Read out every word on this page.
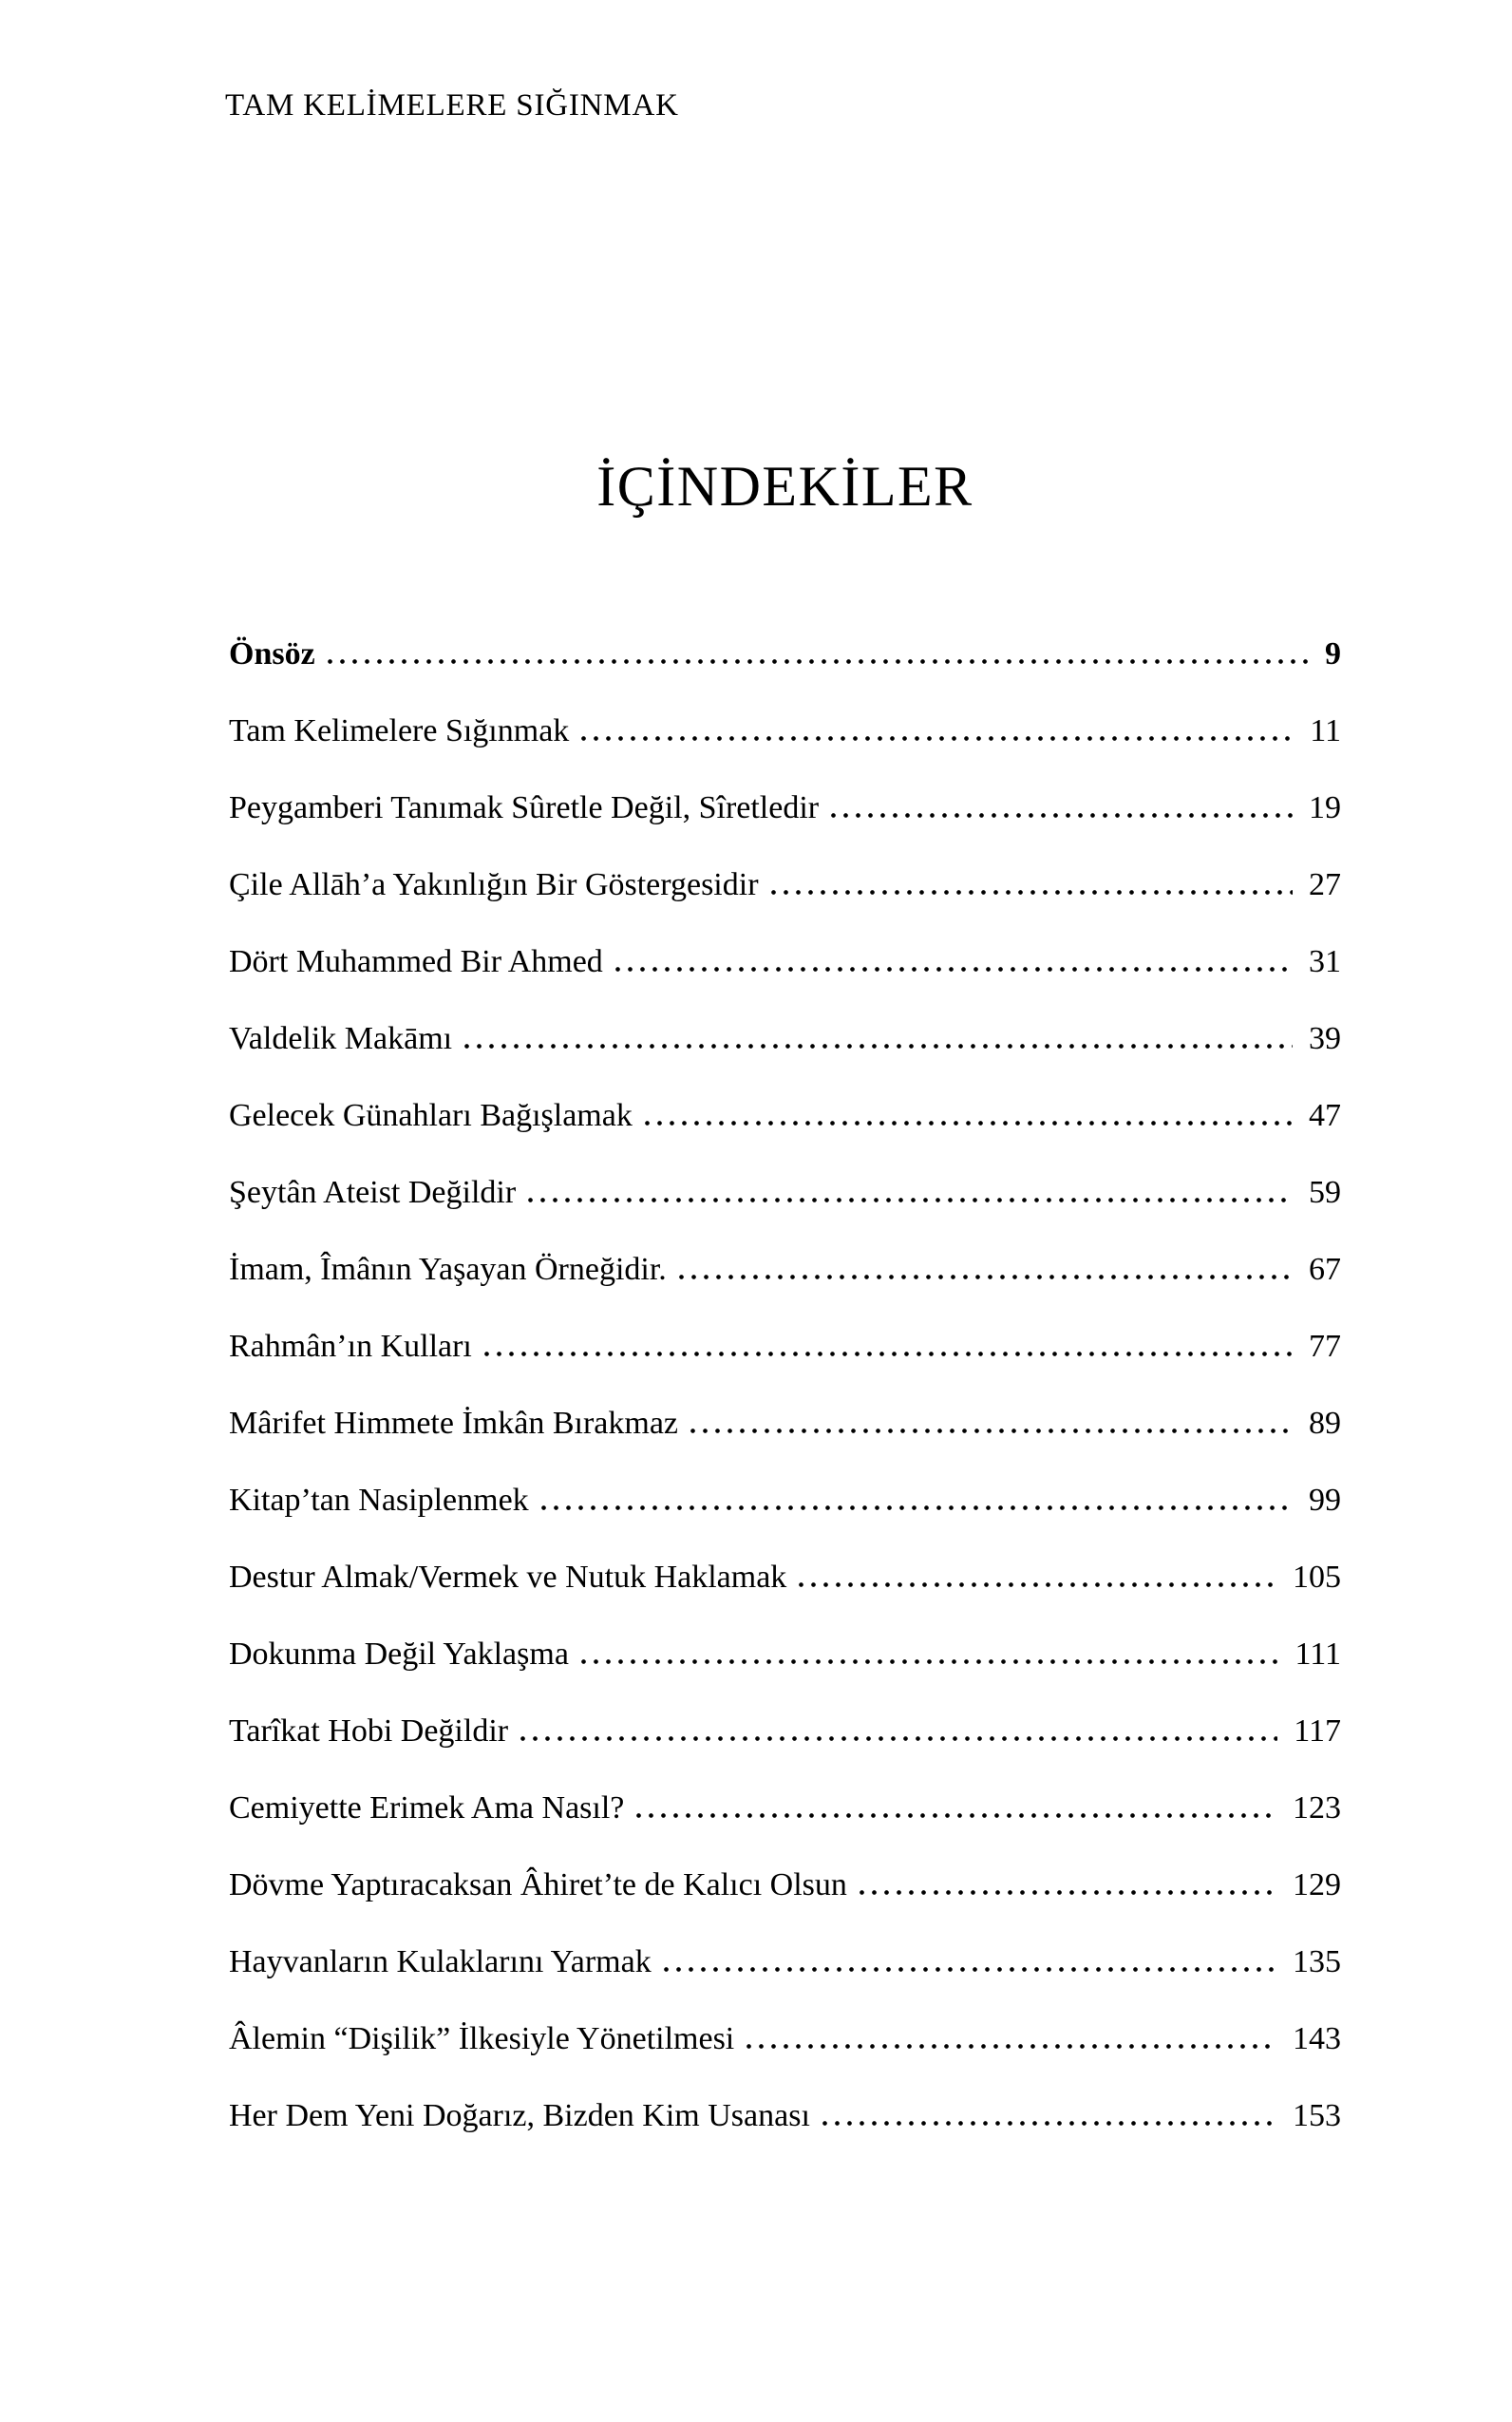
TAM KELİMELERE SIĞINMAK
İÇİNDEKİLER
Önsöz	9
Tam Kelimelere Sığınmak	11
Peygamberi Tanımak Sûretle Değil, Sîretledir	19
Çile Allāh’a Yakınlığın Bir Göstergesidir	27
Dört Muhammed Bir Ahmed	31
Valdelik Makāmı	39
Gelecek Günahları Bağışlamak	47
Şeytân Ateist Değildir	59
İmam, Îmânın Yaşayan Örneğidir.	67
Rahmân’ın Kulları	77
Mârifet Himmete İmkân Bırakmaz	89
Kitap’tan Nasiplenmek	99
Destur Almak/Vermek ve Nutuk Haklamak	105
Dokunma Değil Yaklaşma	111
Tarîkat Hobi Değildir	117
Cemiyette Erimek Ama Nasıl?	123
Dövme Yaptıracaksan Âhiret’te de Kalıcı Olsun	129
Hayvanların Kulaklarını Yarmak	135
Âlemin “Dişilik” İlkesiyle Yönetilmesi	143
Her Dem Yeni Doğarız, Bizden Kim Usanası	153
